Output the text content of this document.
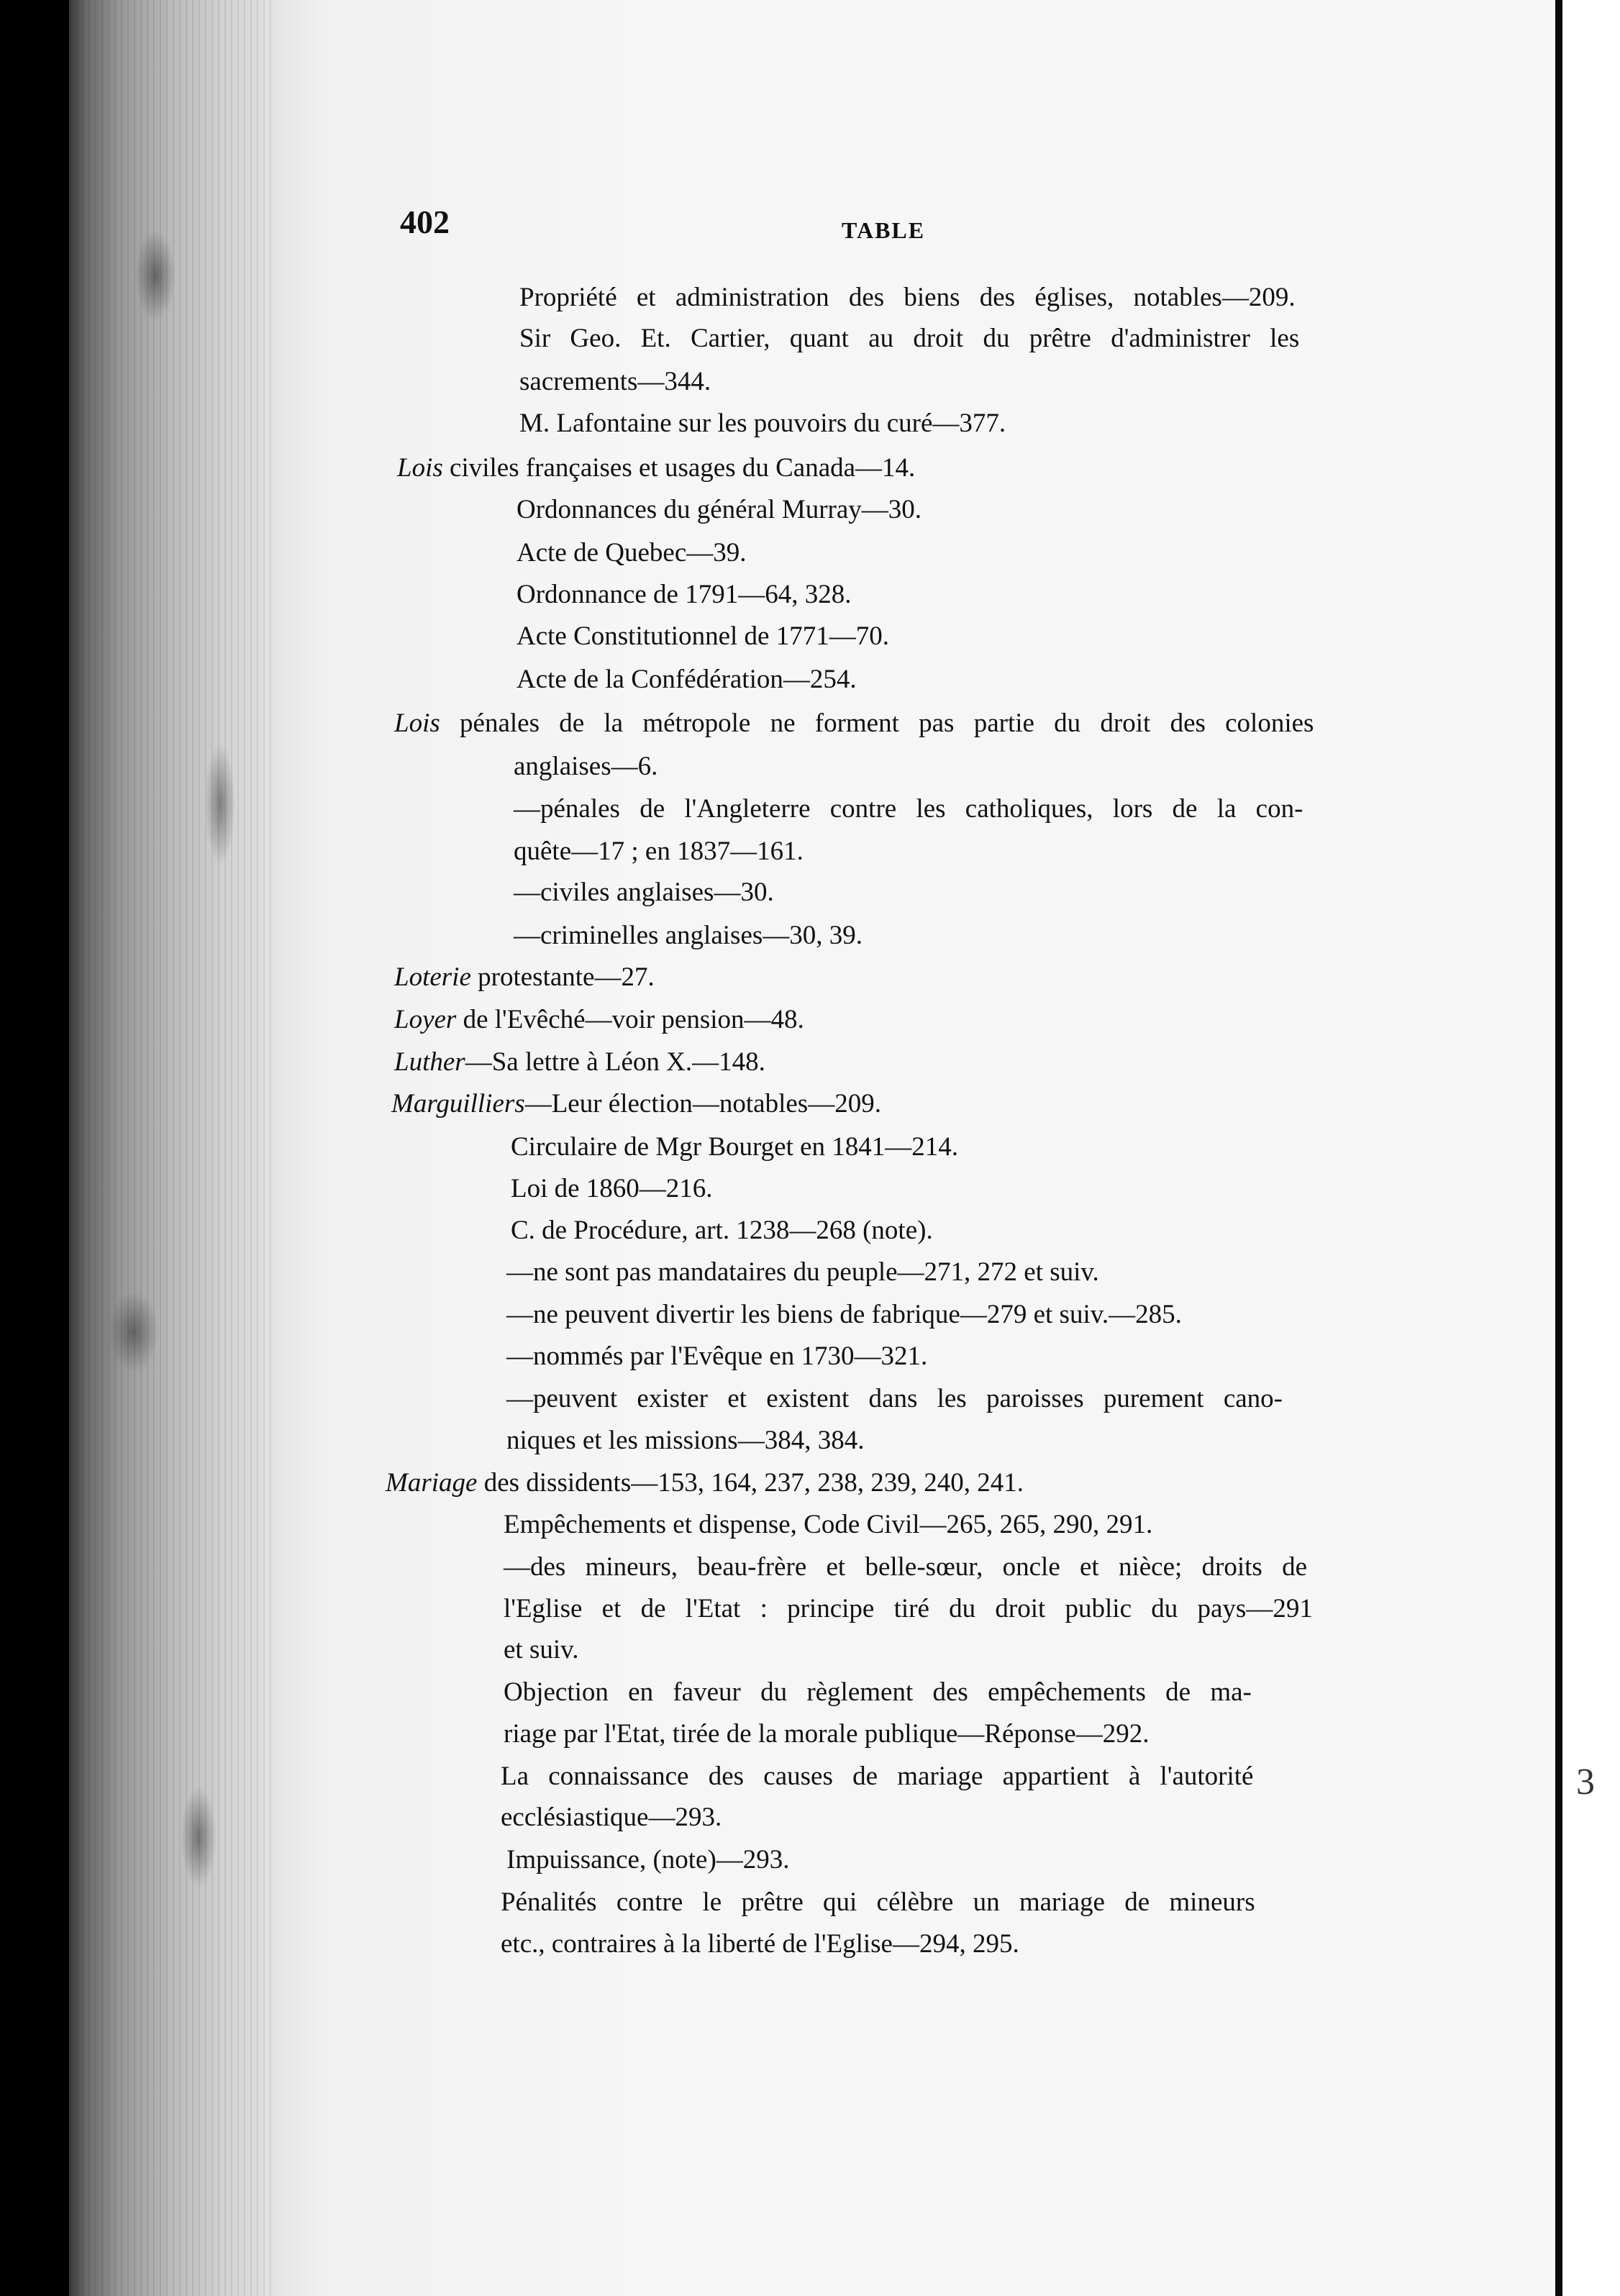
3
402	TABLE
Propriété et administration des biens des églises, notables—209.
Sir Geo. Et. Cartier, quant au droit du prêtre d'administrer les
sacrements—344.
M. Lafontaine sur les pouvoirs du curé—377.
Lois civiles françaises et usages du Canada—14.
Ordonnances du général Murray—30.
Acte de Quebec—39.
Ordonnance de 1791—64, 328.
Acte Constitutionnel de 1771—70.
Acte de la Confédération—254.
Lois pénales de la métropole ne forment pas partie du droit des colonies
anglaises—6.
—pénales de l'Angleterre contre les catholiques, lors de la con-
quête—17 ; en 1837—161.
—civiles anglaises—30.
—criminelles anglaises—30, 39.
Loterie protestante—27.
Loyer de l'Evêché—voir pension—48.
Luther—Sa lettre à Léon X.—148.
Marguilliers—Leur élection—notables—209.
Circulaire de Mgr Bourget en 1841—214.
Loi de 1860—216.
C. de Procédure, art. 1238—268 (note).
—ne sont pas mandataires du peuple—271, 272 et suiv.
—ne peuvent divertir les biens de fabrique—279 et suiv.—285.
—nommés par l'Evêque en 1730—321.
—peuvent exister et existent dans les paroisses purement cano-
niques et les missions—384, 384.
Mariage des dissidents—153, 164, 237, 238, 239, 240, 241.
Empêchements et dispense, Code Civil—265, 265, 290, 291.
—des mineurs, beau-frère et belle-sœur, oncle et nièce; droits de
l'Eglise et de l'Etat : principe tiré du droit public du pays—291
et suiv.
Objection en faveur du règlement des empêchements de ma-
riage par l'Etat, tirée de la morale publique—Réponse—292.
La connaissance des causes de mariage appartient à l'autorité
ecclésiastique—293.
Impuissance, (note)—293.
Pénalités contre le prêtre qui célèbre un mariage de mineurs
etc., contraires à la liberté de l'Eglise—294, 295.
